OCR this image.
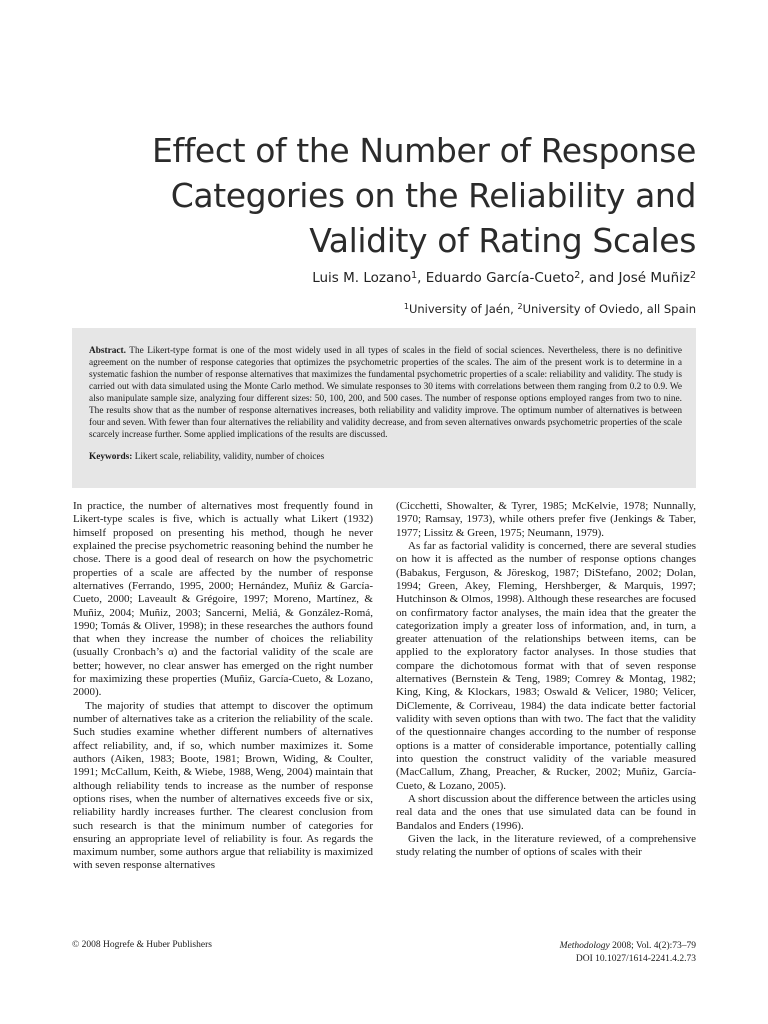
Effect of the Number of Response
Categories on the Reliability and
Validity of Rating Scales
Luis M. Lozano$^1$, Eduardo García-Cueto$^2$, and José Muñiz$^2$
$^1$University of Jaén, $^2$University of Oviedo, all Spain

Abstract. The Likert-type format is one of the most widely used in all types of scales in the field of social sciences. Nevertheless, there is no definitive agreement on the number of response categories that optimizes the psychometric properties of the scales. The aim of the present work is to determine in a systematic fashion the number of response alternatives that maximizes the fundamental psychometric properties of a scale: reliability and validity. The study is carried out with data simulated using the Monte Carlo method. We simulate responses to 30 items with correlations between them ranging from 0.2 to 0.9. We also manipulate sample size, analyzing four different sizes: 50, 100, 200, and 500 cases. The number of response options employed ranges from two to nine. The results show that as the number of response alternatives increases, both reliability and validity improve. The optimum number of alternatives is between four and seven. With fewer than four alternatives the reliability and validity decrease, and from seven alternatives onwards psychometric properties of the scale scarcely increase further. Some applied implications of the results are discussed.

Keywords: Likert scale, reliability, validity, number of choices

In practice, the number of alternatives most frequently found in Likert-type scales is five, which is actually what Likert (1932) himself proposed on presenting his method, though he never explained the precise psychometric reasoning behind the number he chose. There is a good deal of research on how the psychometric properties of a scale are affected by the number of response alternatives (Ferrando, 1995, 2000; Hernández, Muñiz & García-Cueto, 2000; Laveault & Grégoire, 1997; Moreno, Martínez, & Muñiz, 2004; Muñiz, 2003; Sancerni, Meliá, & González-Romá, 1990; Tomás & Oliver, 1998); in these researches the authors found that when they increase the number of choices the reliability (usually Cronbach’s α) and the factorial validity of the scale are better; however, no clear answer has emerged on the right number for maximizing these properties (Muñiz, García-Cueto, & Lozano, 2000).

The majority of studies that attempt to discover the optimum number of alternatives take as a criterion the reliability of the scale. Such studies examine whether different numbers of alternatives affect reliability, and, if so, which number maximizes it. Some authors (Aiken, 1983; Boote, 1981; Brown, Widing, & Coulter, 1991; McCallum, Keith, & Wiebe, 1988, Weng, 2004) maintain that although reliability tends to increase as the number of response options rises, when the number of alternatives exceeds five or six, reliability hardly increases further. The clearest conclusion from such research is that the minimum number of categories for ensuring an appropriate level of reliability is four. As regards the maximum number, some authors argue that reliability is maximized with seven response alternatives

(Cicchetti, Showalter, & Tyrer, 1985; McKelvie, 1978; Nunnally, 1970; Ramsay, 1973), while others prefer five (Jenkings & Taber, 1977; Lissitz & Green, 1975; Neumann, 1979).

As far as factorial validity is concerned, there are several studies on how it is affected as the number of response options changes (Babakus, Ferguson, & Jöreskog, 1987; DiStefano, 2002; Dolan, 1994; Green, Akey, Fleming, Hershberger, & Marquis, 1997; Hutchinson & Olmos, 1998). Although these researches are focused on confirmatory factor analyses, the main idea that the greater the categorization imply a greater loss of information, and, in turn, a greater attenuation of the relationships between items, can be applied to the exploratory factor analyses. In those studies that compare the dichotomous format with that of seven response alternatives (Bernstein & Teng, 1989; Comrey & Montag, 1982; King, King, & Klockars, 1983; Oswald & Velicer, 1980; Velicer, DiClemente, & Corriveau, 1984) the data indicate better factorial validity with seven options than with two. The fact that the validity of the questionnaire changes according to the number of response options is a matter of considerable importance, potentially calling into question the construct validity of the variable measured (MacCallum, Zhang, Preacher, & Rucker, 2002; Muñiz, García-Cueto, & Lozano, 2005).

A short discussion about the difference between the articles using real data and the ones that use simulated data can be found in Bandalos and Enders (1996).

Given the lack, in the literature reviewed, of a comprehensive study relating the number of options of scales with their

© 2008 Hogrefe & Huber Publishers	Methodology 2008; Vol. 4(2):73–79
DOI 10.1027/1614-2241.4.2.73
